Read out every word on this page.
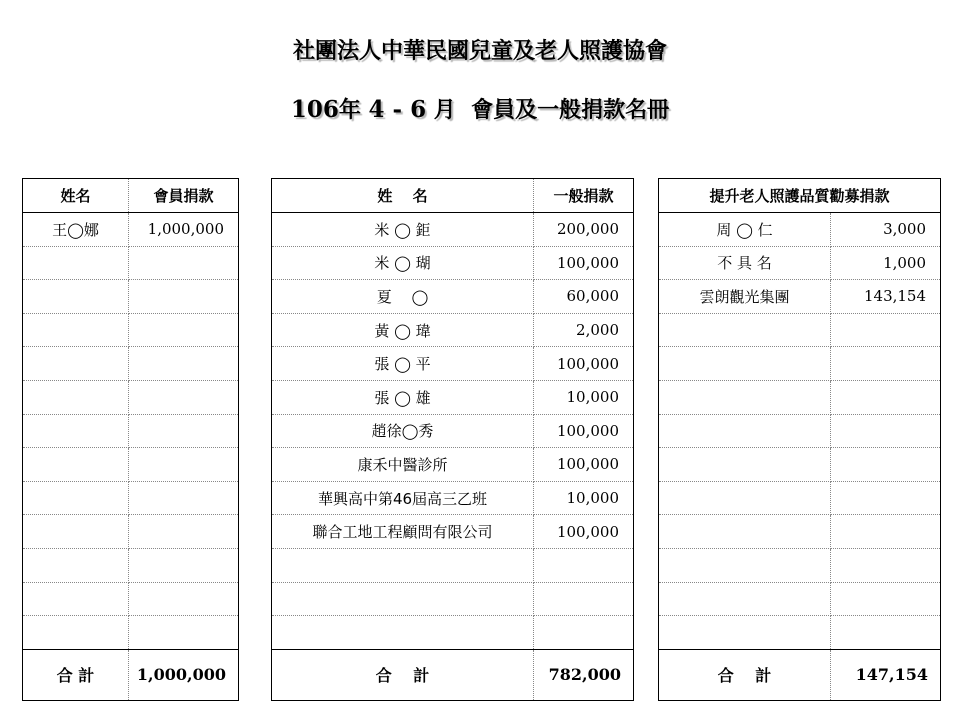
社團法人中華民國兒童及老人照護協會
106年 4 - 6 月 會員及一般捐款名冊
姓名	會員捐款
王◯娜	1,000,000

合 計	1,000,000
姓　 名	一般捐款
米 ◯ 鉅	200,000
米 ◯ 瑚	100,000
夏　 ◯	60,000
黃 ◯ 瑋	2,000
張 ◯ 平	100,000
張 ◯ 雄	10,000
趙徐◯秀	100,000
康禾中醫診所	100,000
華興高中第46屆高三乙班	10,000
聯合工地工程顧問有限公司	100,000

合　 計	782,000
提升老人照護品質勸募捐款	
周 ◯ 仁	3,000
不 具 名	1,000
雲朗觀光集團	143,154

合　 計	147,154
